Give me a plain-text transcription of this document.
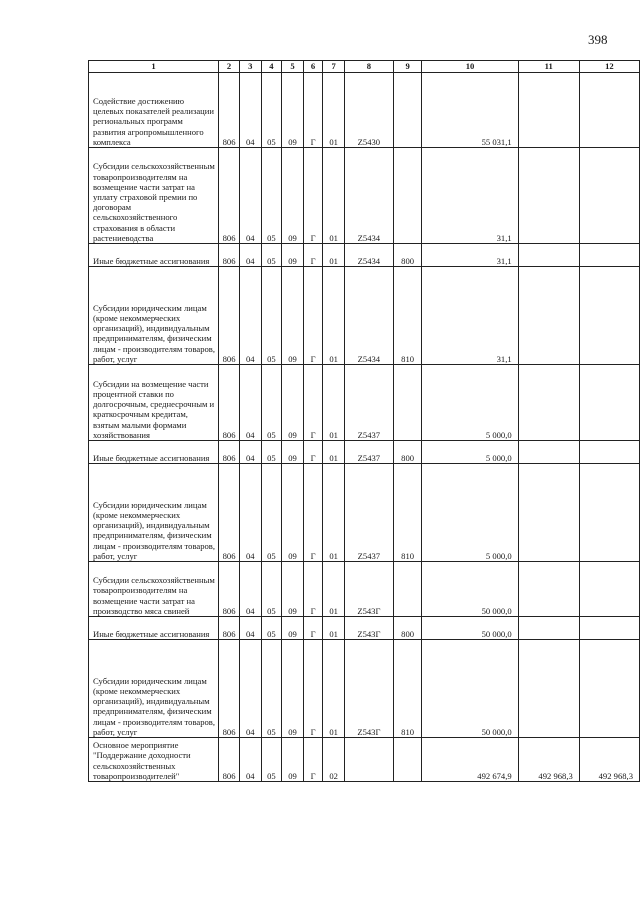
398
1	2	3	4	5	6	7	8	9	10	11	12
Содействие достижению целевых показателей реализации региональных программ развития агропромышленного комплекса	806	04	05	09	Г	01	Z5430		55 031,1		
Субсидии сельскохозяйственным товаропроизводителям на возмещение части затрат на уплату страховой премии по договорам сельскохозяйственного страхования в области растениеводства	806	04	05	09	Г	01	Z5434		31,1		
Иные бюджетные ассигнования	806	04	05	09	Г	01	Z5434	800	31,1		
Субсидии юридическим лицам (кроме некоммерческих организаций), индивидуальным предпринимателям, физическим лицам - производителям товаров, работ, услуг	806	04	05	09	Г	01	Z5434	810	31,1		
Субсидии на возмещение части процентной ставки по долгосрочным, среднесрочным и краткосрочным кредитам, взятым малыми формами хозяйствования	806	04	05	09	Г	01	Z5437		5 000,0		
Иные бюджетные ассигнования	806	04	05	09	Г	01	Z5437	800	5 000,0		
Субсидии юридическим лицам (кроме некоммерческих организаций), индивидуальным предпринимателям, физическим лицам - производителям товаров, работ, услуг	806	04	05	09	Г	01	Z5437	810	5 000,0		
Субсидии сельскохозяйственным товаропроизводителям на возмещение части затрат на производство мяса свиней	806	04	05	09	Г	01	Z543Г		50 000,0		
Иные бюджетные ассигнования	806	04	05	09	Г	01	Z543Г	800	50 000,0		
Субсидии юридическим лицам (кроме некоммерческих организаций), индивидуальным предпринимателям, физическим лицам - производителям товаров, работ, услуг	806	04	05	09	Г	01	Z543Г	810	50 000,0		
Основное мероприятие "Поддержание доходности сельскохозяйственных товаропроизводителей"	806	04	05	09	Г	02			492 674,9	492 968,3	492 968,3
